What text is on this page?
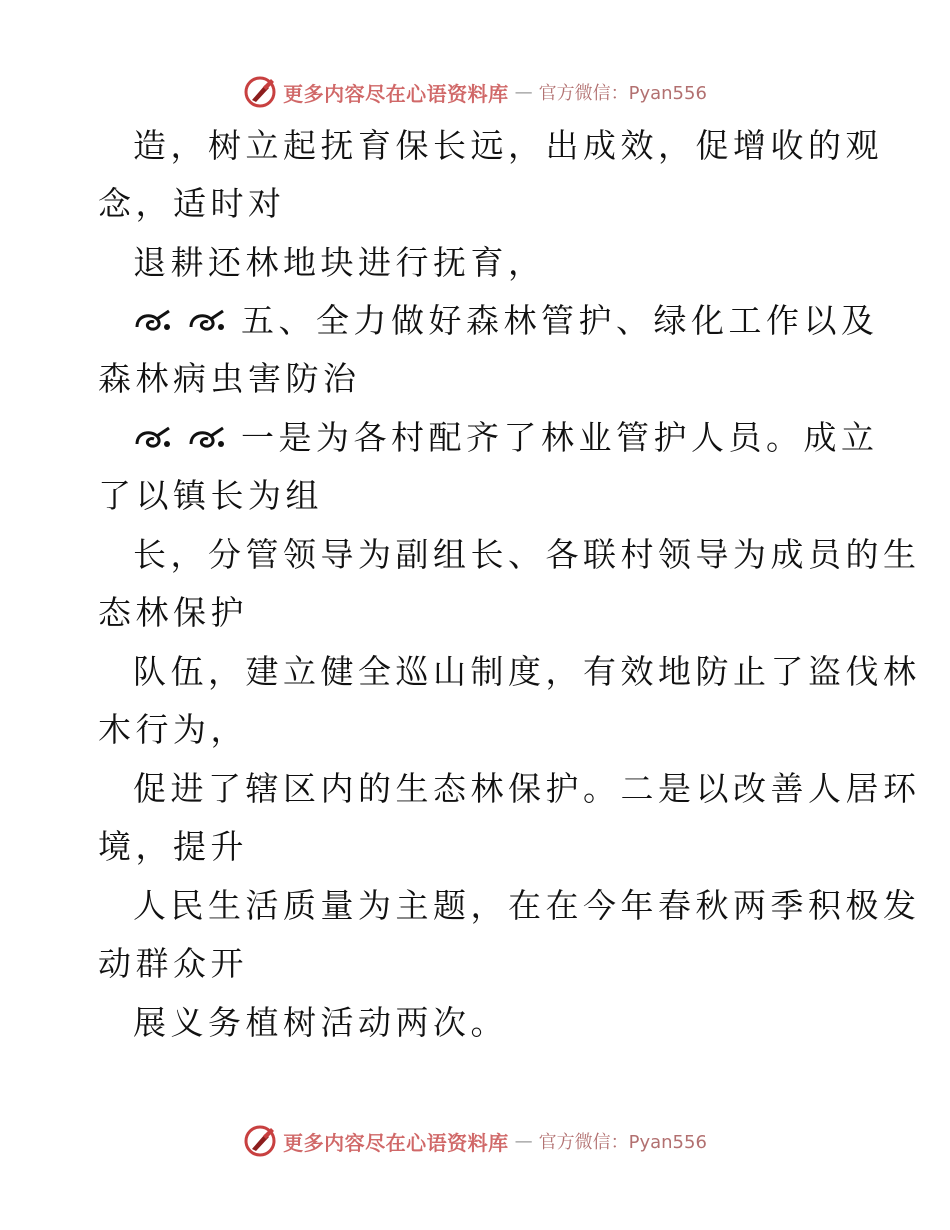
更多内容尽在心语资料库 — 官方微信：Pyan556
造，树立起抚育保长远，出成效，促增收的观
念，适时对
退耕还林地块进行抚育，
五、全力做好森林管护、绿化工作以及
森林病虫害防治
一是为各村配齐了林业管护人员。成立
了以镇长为组
长，分管领导为副组长、各联村领导为成员的生
态林保护
队伍，建立健全巡山制度，有效地防止了盗伐林
木行为，
促进了辖区内的生态林保护。二是以改善人居环
境，提升
人民生活质量为主题，在在今年春秋两季积极发
动群众开
展义务植树活动两次。
更多内容尽在心语资料库 — 官方微信：Pyan556
